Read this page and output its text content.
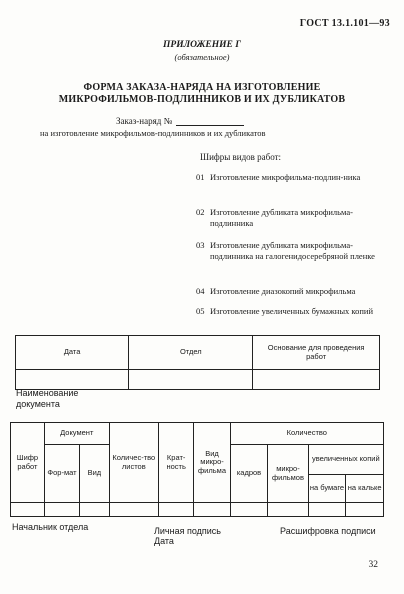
ГОСТ 13.1.101—93
ПРИЛОЖЕНИЕ Г
(обязательное)
ФОРМА ЗАКАЗА-НАРЯДА НА ИЗГОТОВЛЕНИЕ
МИКРОФИЛЬМОВ-ПОДЛИННИКОВ И ИХ ДУБЛИКАТОВ
Заказ-наряд №
на изготовление микрофильмов-подлинников и их дубликатов
Шифры видов работ:
01 Изготовление микрофильма-подлин-ника
02 Изготовление дубликата микрофильма-подлинника
03 Изготовление дубликата микрофильма-подлинника на галогенидосеребряной пленке
04 Изготовление диазокопий микрофильма
05 Изготовление увеличенных бумажных копий
Дата	Отдел	Основание для проведения работ

Наименование документа
Шифр работ	Документ		Количес-тво листов	Крат-ность	Вид микро-фильма	Количество			
	Фор-мат	Вид				кадров	микро-фильмов	увеличенных копий	
								на бумаге	на кальке

Начальник отдела	Личная подпись
Дата
Расшифровка подписи
32
